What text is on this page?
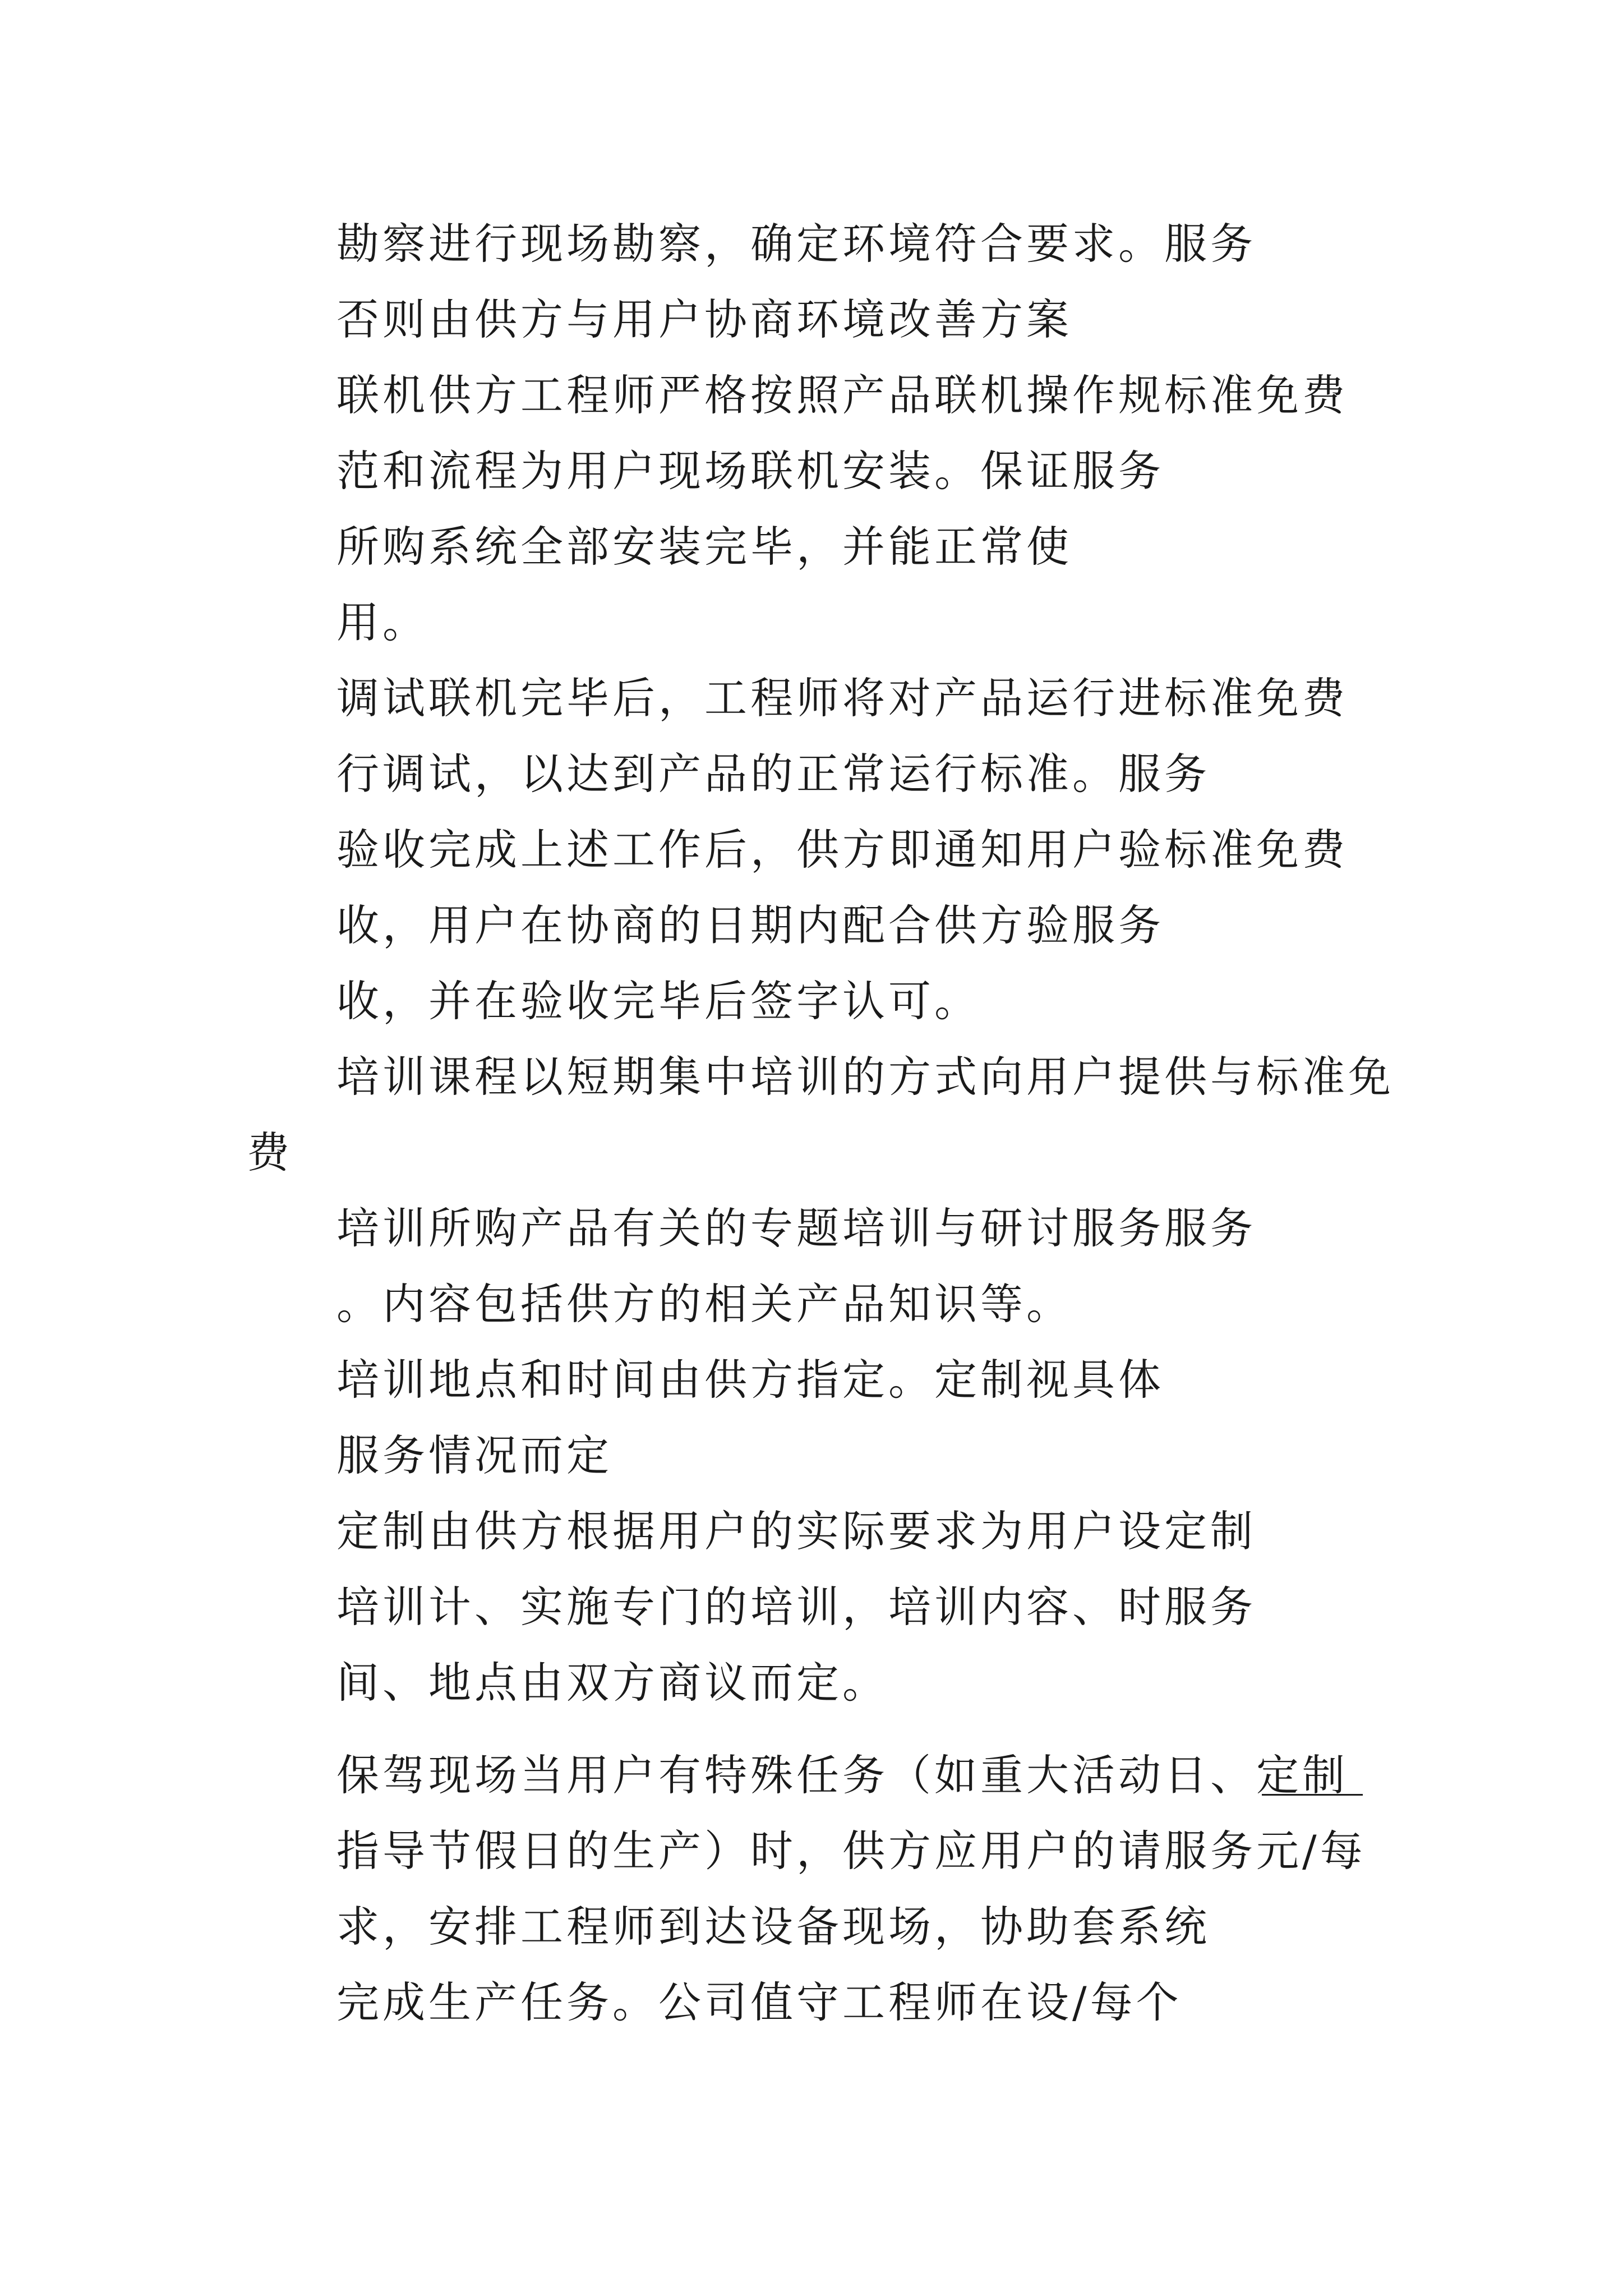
勘察进行现场勘察，确定环境符合要求。服务
否则由供方与用户协商环境改善方案
联机供方工程师严格按照产品联机操作规标准免费
范和流程为用户现场联机安装。保证服务
所购系统全部安装完毕，并能正常使
用。
调试联机完毕后，工程师将对产品运行进标准免费
行调试，以达到产品的正常运行标准。服务
验收完成上述工作后，供方即通知用户验标准免费
收，用户在协商的日期内配合供方验服务
收，并在验收完毕后签字认可。
培训课程以短期集中培训的方式向用户提供与标准免
费
培训所购产品有关的专题培训与研讨服务服务
。内容包括供方的相关产品知识等。
培训地点和时间由供方指定。定制视具体
服务情况而定
定制由供方根据用户的实际要求为用户设定制
培训计、实施专门的培训，培训内容、时服务
间、地点由双方商议而定。
保驾现场当用户有特殊任务（如重大活动日、定制
指导节假日的生产）时，供方应用户的请服务元/每
求，安排工程师到达设备现场，协助套系统
完成生产任务。公司值守工程师在设/每个
